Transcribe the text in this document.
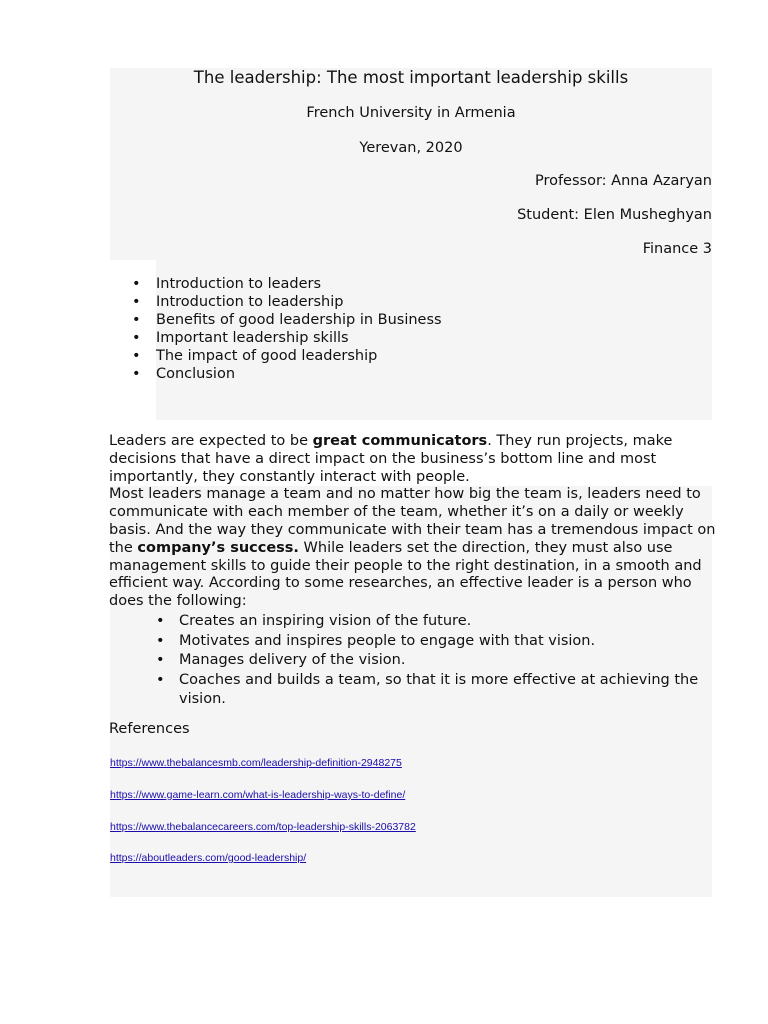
The leadership: The most important leadership skills
French University in Armenia
Yerevan, 2020
Professor: Anna Azaryan
Student: Elen Musheghyan
Finance 3
• Introduction to leaders
• Introduction to leadership
• Benefits of good leadership in Business
• Important leadership skills
• The impact of good leadership
• Conclusion

Leaders are expected to be great communicators. They run projects, make decisions that have a direct impact on the business’s bottom line and most importantly, they constantly interact with people.

Most leaders manage a team and no matter how big the team is, leaders need to communicate with each member of the team, whether it’s on a daily or weekly basis. And the way they communicate with their team has a tremendous impact on the company’s success. While leaders set the direction, they must also use management skills to guide their people to the right destination, in a smooth and efficient way. According to some researches, an effective leader is a person who does the following:

• Creates an inspiring vision of the future.
• Motivates and inspires people to engage with that vision.
• Manages delivery of the vision.
• Coaches and builds a team, so that it is more effective at achieving the vision.
References
https://www.thebalancesmb.com/leadership-definition-2948275
https://www.game-learn.com/what-is-leadership-ways-to-define/
https://www.thebalancecareers.com/top-leadership-skills-2063782
https://aboutleaders.com/good-leadership/
